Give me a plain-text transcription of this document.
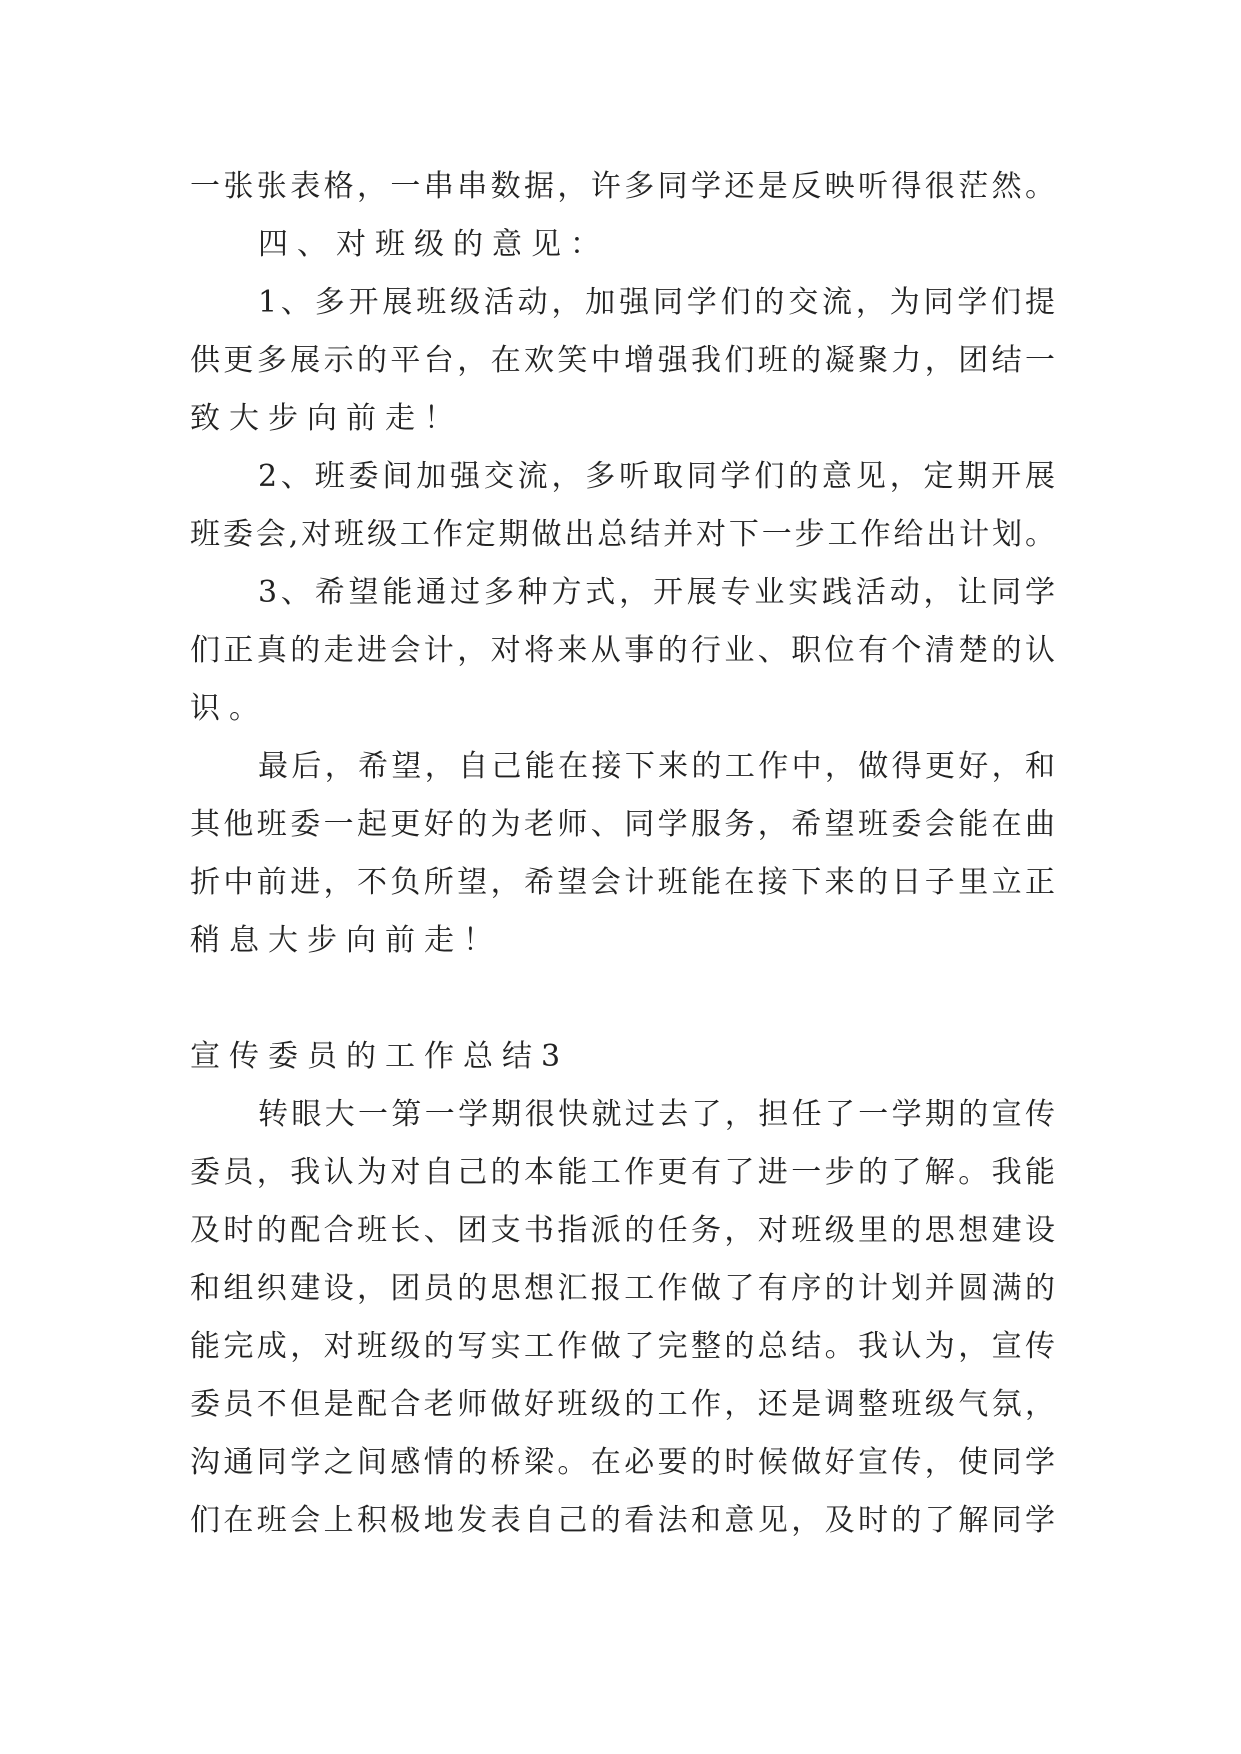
一张张表格，一串串数据，许多同学还是反映听得很茫然。
四、对班级的意见：
1、多开展班级活动，加强同学们的交流，为同学们提
供更多展示的平台，在欢笑中增强我们班的凝聚力，团结一
致大步向前走！
2、班委间加强交流，多听取同学们的意见，定期开展
班委会,对班级工作定期做出总结并对下一步工作给出计划。
3、希望能通过多种方式，开展专业实践活动，让同学
们正真的走进会计，对将来从事的行业、职位有个清楚的认
识。
最后，希望，自己能在接下来的工作中，做得更好，和
其他班委一起更好的为老师、同学服务，希望班委会能在曲
折中前进，不负所望，希望会计班能在接下来的日子里立正
稍息大步向前走！
宣传委员的工作总结3
转眼大一第一学期很快就过去了，担任了一学期的宣传
委员，我认为对自己的本能工作更有了进一步的了解。我能
及时的配合班长、团支书指派的任务，对班级里的思想建设
和组织建设，团员的思想汇报工作做了有序的计划并圆满的
能完成，对班级的写实工作做了完整的总结。我认为，宣传
委员不但是配合老师做好班级的工作，还是调整班级气氛，
沟通同学之间感情的桥梁。在必要的时候做好宣传，使同学
们在班会上积极地发表自己的看法和意见，及时的了解同学
